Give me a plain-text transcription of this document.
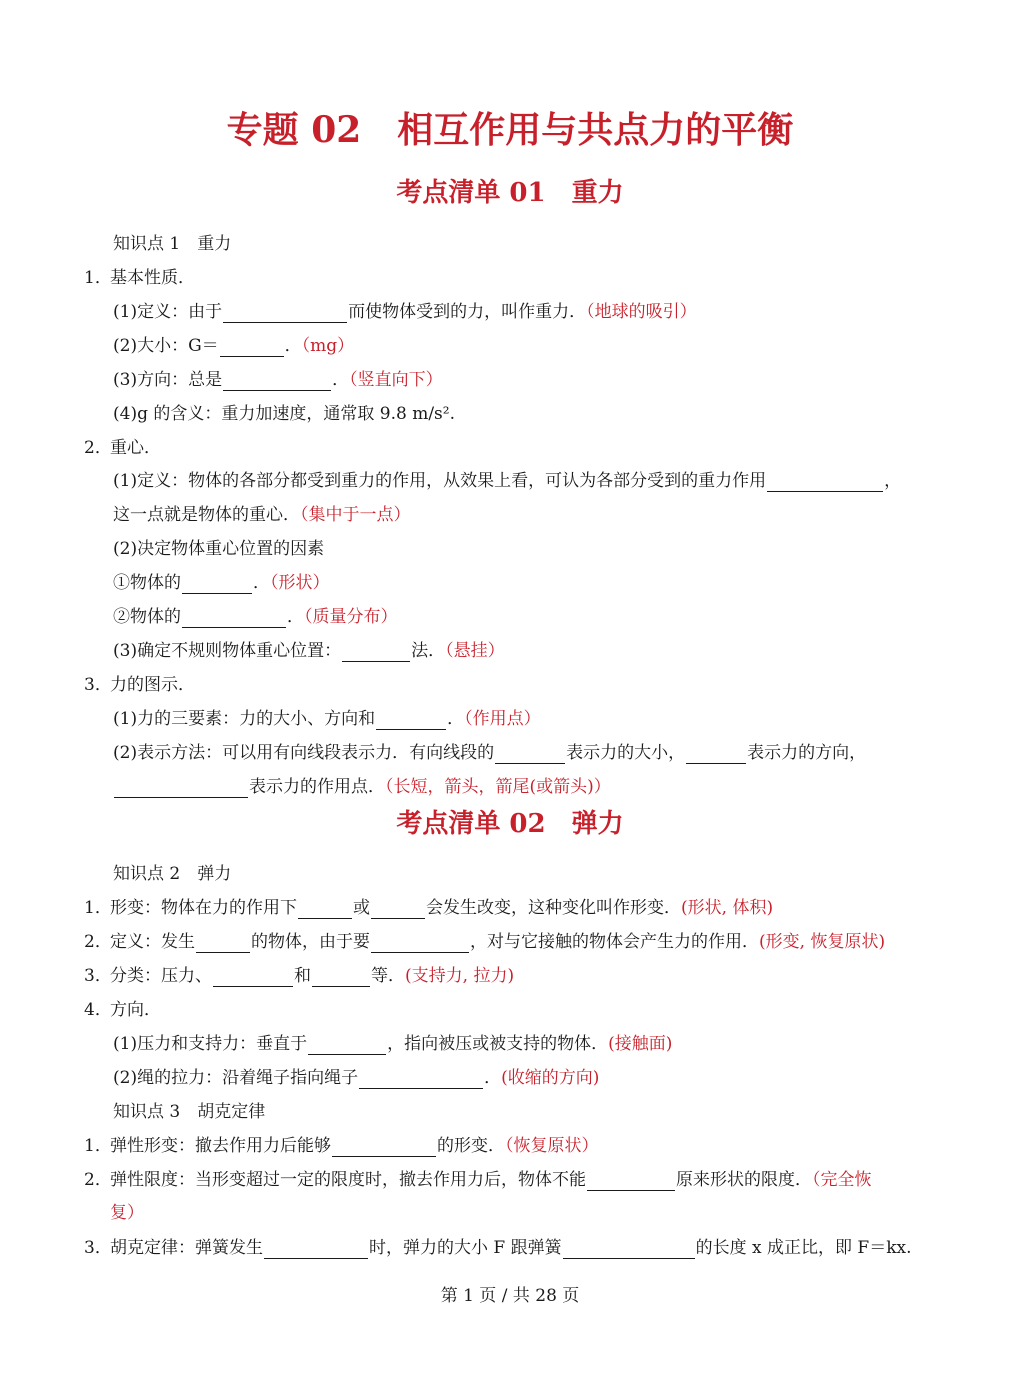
专题 02　相互作用与共点力的平衡
考点清单 01　重力
知识点 1　重力
1．基本性质．
(1)定义：由于	而使物体受到的力，叫作重力．（地球的吸引）
(2)大小：G＝	．（mg）
(3)方向：总是	．（竖直向下）
(4)g 的含义：重力加速度，通常取 9.8 m/s².
2．重心．
(1)定义：物体的各部分都受到重力的作用，从效果上看，可认为各部分受到的重力作用	，
这一点就是物体的重心．（集中于一点）
(2)决定物体重心位置的因素
①物体的	．（形状）
②物体的	．（质量分布）
(3)确定不规则物体重心位置：	法．（悬挂）
3．力的图示．
(1)力的三要素：力的大小、方向和	．（作用点）
(2)表示方法：可以用有向线段表示力．有向线段的	表示力的大小，	表示力的方向，
表示力的作用点．（长短，箭头，箭尾(或箭头)）
考点清单 02　弹力
知识点 2　弹力
1．形变：物体在力的作用下	或	会发生改变，这种变化叫作形变．(形状, 体积)
2．定义：发生	的物体，由于要	，对与它接触的物体会产生力的作用．(形变, 恢复原状)
3．分类：压力、	和	等．(支持力, 拉力)
4．方向．
(1)压力和支持力：垂直于	，指向被压或被支持的物体．(接触面)
(2)绳的拉力：沿着绳子指向绳子	．(收缩的方向)
知识点 3　胡克定律
1．弹性形变：撤去作用力后能够	的形变．（恢复原状）
2．弹性限度：当形变超过一定的限度时，撤去作用力后，物体不能	原来形状的限度．（完全恢
复）
3．胡克定律：弹簧发生	时，弹力的大小 F 跟弹簧	的长度 x 成正比，即 F＝kx.
第 1 页 / 共 28 页
